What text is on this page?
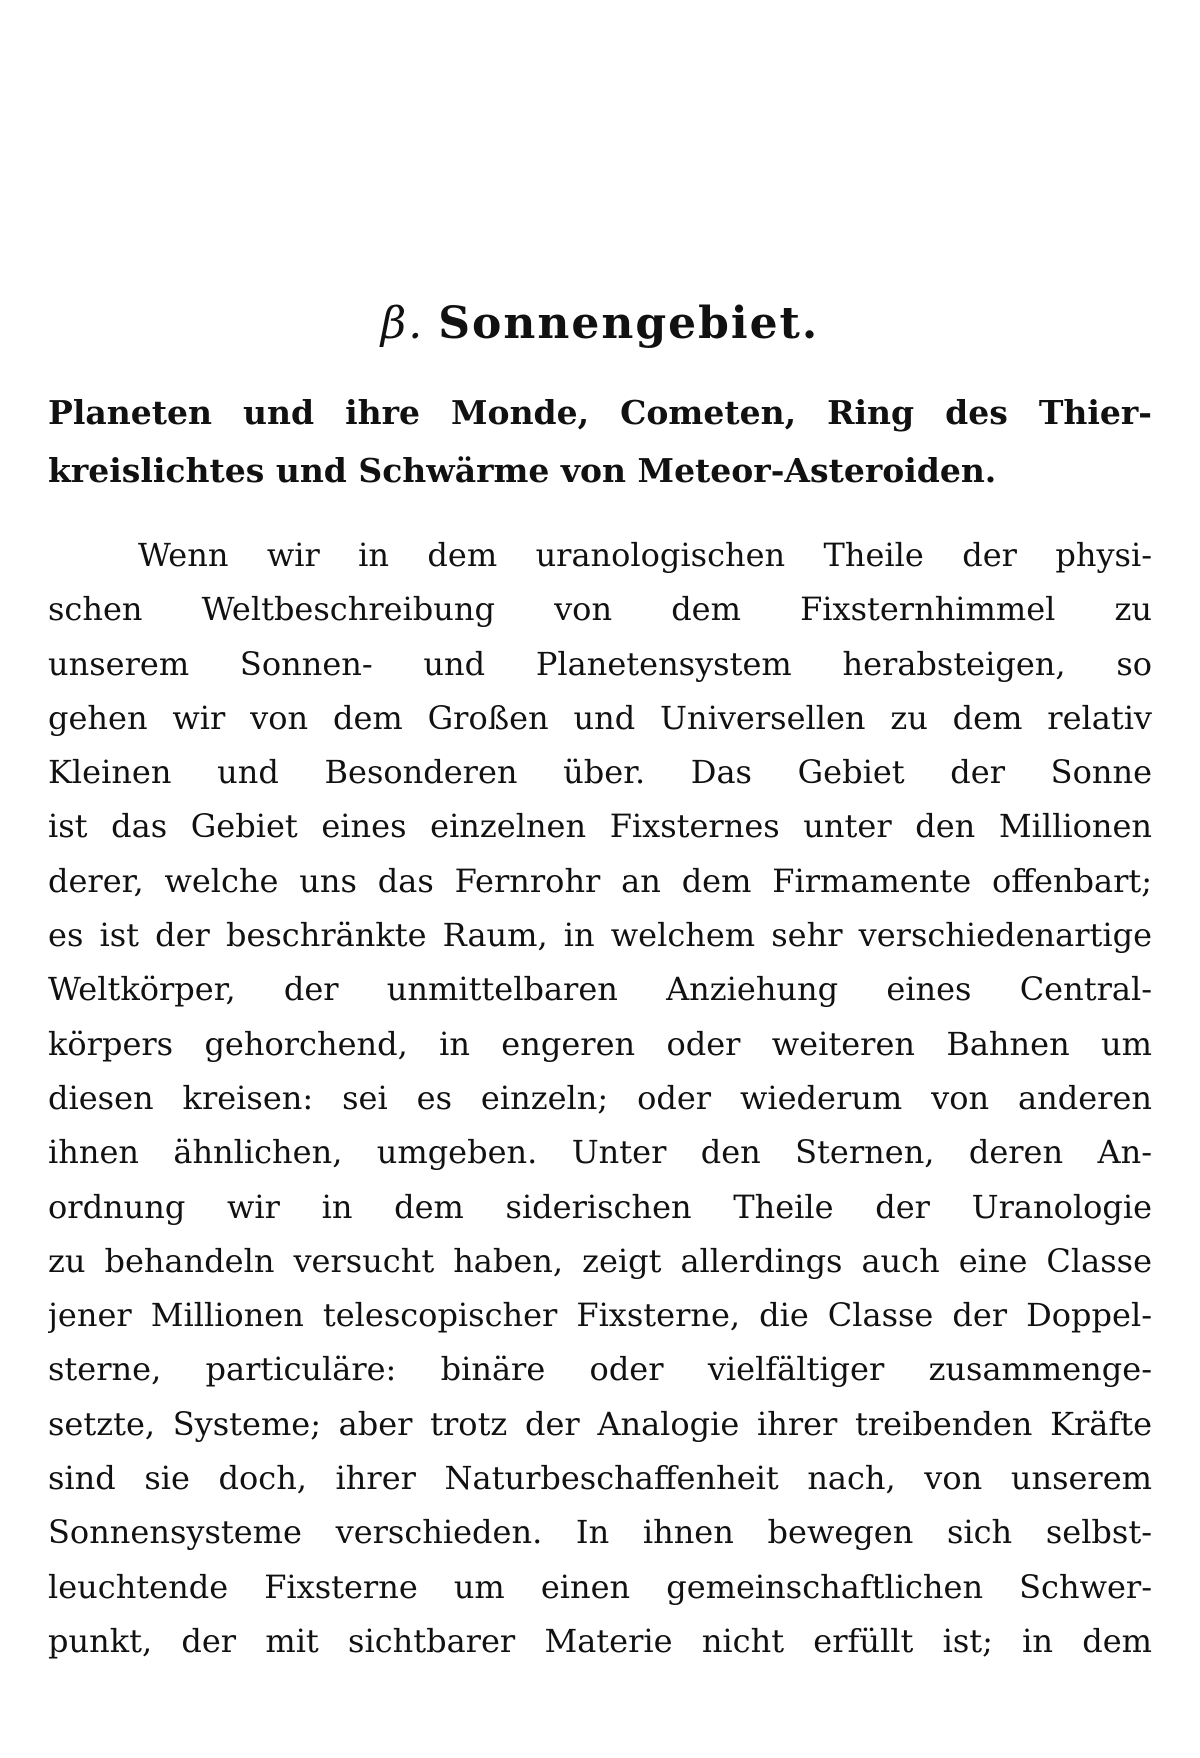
β. Sonnengebiet.
Planeten und ihre Monde, Cometen, Ring des Thier-
kreislichtes und Schwärme von Meteor-Asteroiden.
Wenn wir in dem uranologischen Theile der physi-
schen Weltbeschreibung von dem Fixsternhimmel zu
unserem Sonnen- und Planetensystem herabsteigen, so
gehen wir von dem Großen und Universellen zu dem relativ
Kleinen und Besonderen über. Das Gebiet der Sonne
ist das Gebiet eines einzelnen Fixsternes unter den Millionen
derer, welche uns das Fernrohr an dem Firmamente offenbart;
es ist der beschränkte Raum, in welchem sehr verschiedenartige
Weltkörper, der unmittelbaren Anziehung eines Central-
körpers gehorchend, in engeren oder weiteren Bahnen um
diesen kreisen: sei es einzeln; oder wiederum von anderen
ihnen ähnlichen, umgeben. Unter den Sternen, deren An-
ordnung wir in dem siderischen Theile der Uranologie
zu behandeln versucht haben, zeigt allerdings auch eine Classe
jener Millionen telescopischer Fixsterne, die Classe der Doppel-
sterne, particuläre: binäre oder vielfältiger zusammenge-
setzte, Systeme; aber trotz der Analogie ihrer treibenden Kräfte
sind sie doch, ihrer Naturbeschaffenheit nach, von unserem
Sonnensysteme verschieden. In ihnen bewegen sich selbst-
leuchtende Fixsterne um einen gemeinschaftlichen Schwer-
punkt, der mit sichtbarer Materie nicht erfüllt ist; in dem
